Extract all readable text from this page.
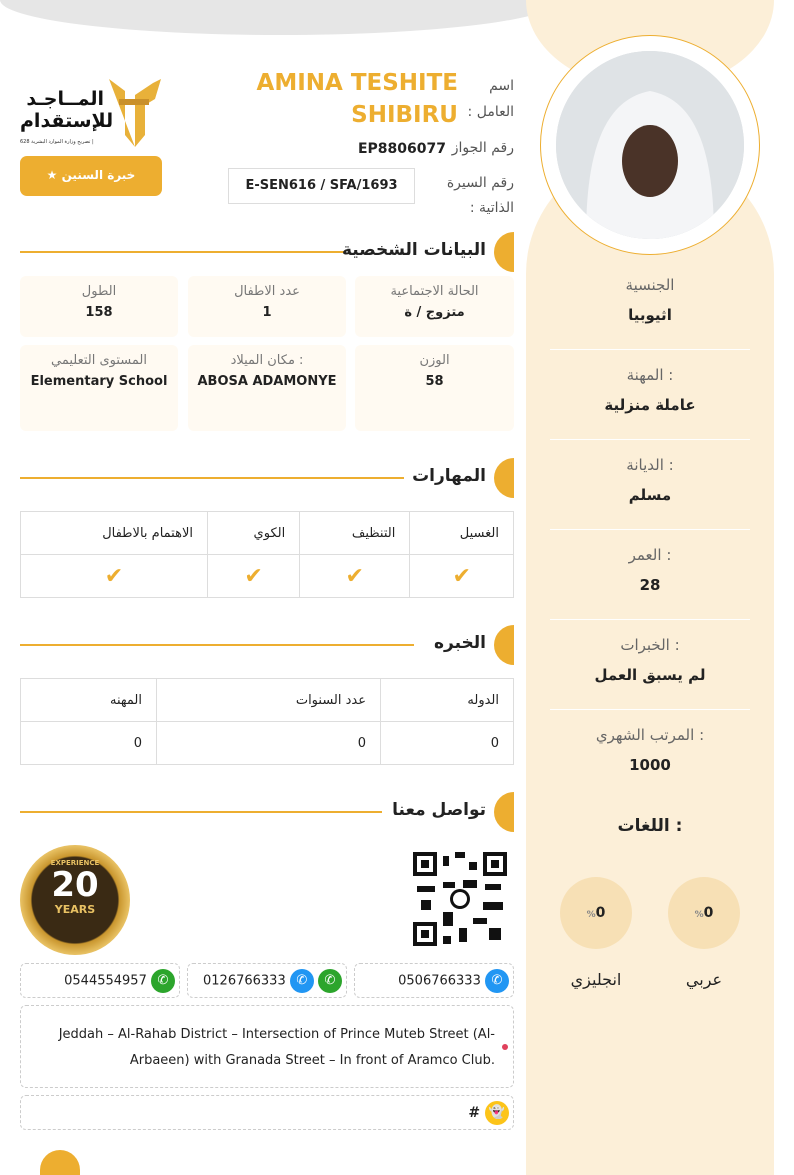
الجنسية
اثيوبيا
المهنة :
عاملة منزلية
الديانة :
مسلم
العمر :
28
الخبرات :
لم يسبق العمل
المرتب الشهري :
1000
اللغات :
%0
%0
عربي
انجليزي
اسم
العامل :
AMINA TESHITE
SHIBIRU
رقم الجواز
EP8806077
رقم السيرة
الذاتية :
E-SEN616 / SFA/1693
المــاجـد
للإستقدام
تصريح وزارة الموارد البشرية 628 |
★ خبرة السنين
البيانات الشخصية
الحالة الاجتماعية
متزوج / ة
عدد الاطفال
1
الطول
158
الوزن
58
مكان الميلاد :
ABOSA ADAMONYE
المستوى التعليمي
Elementary School
المهارات
الغسيل	التنظيف	الكوي	الاهتمام بالاطفال
✔	✔	✔	✔
الخبره
الدوله	عدد السنوات	المهنه
0	0	0
تواصل معنا
EXPERIENCE
20
YEARS
0506766333 ✆
0126766333 ✆ ✆
0544554957 ✆
Jeddah – Al-Rahab District – Intersection of Prince Muteb Street (Al-Arbaeen) with Granada Street – In front of Aramco Club.
# 👻
